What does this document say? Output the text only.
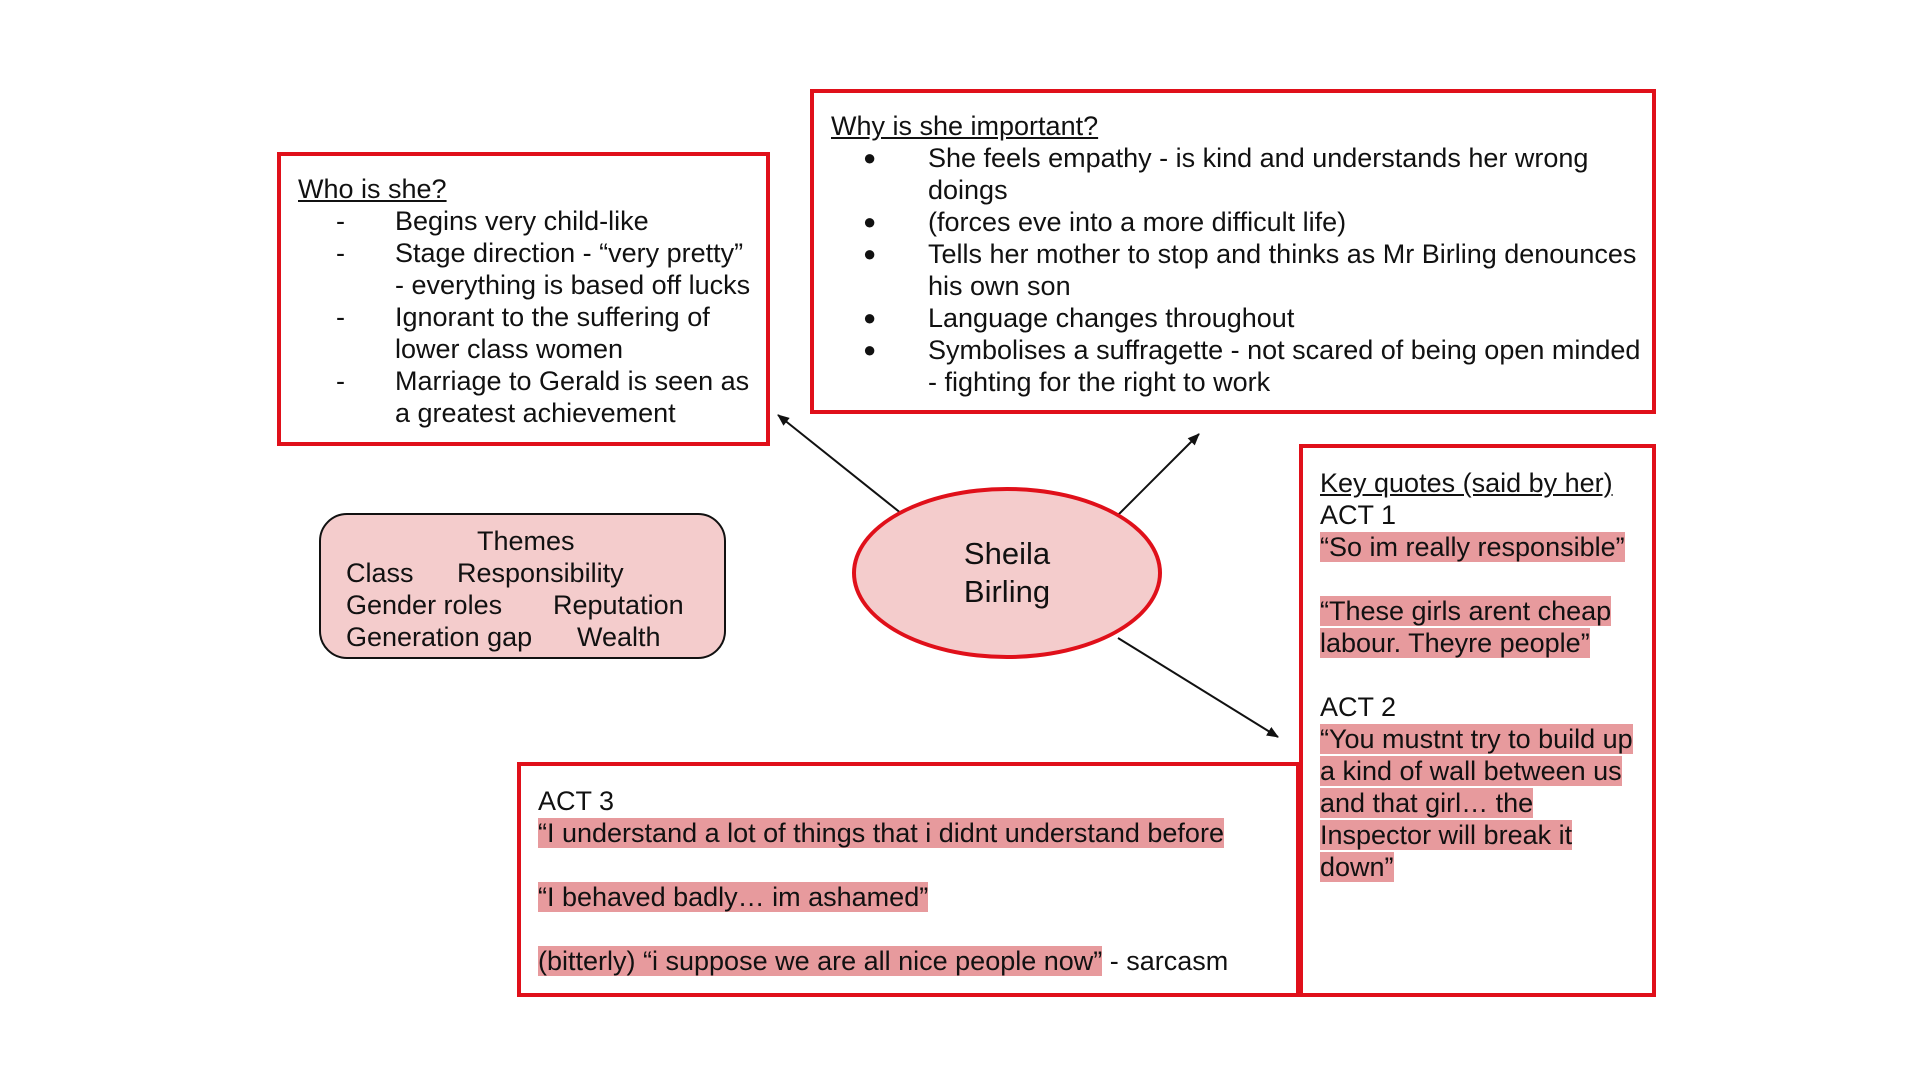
Who is she?
- Begins very child-like
- Stage direction - “very pretty”
- everything is based off lucks
- Ignorant to the suffering of
lower class women
- Marriage to Gerald is seen as
a greatest achievement
Why is she important?
● She feels empathy - is kind and understands her wrong
doings
● (forces eve into a more difficult life)
● Tells her mother to stop and thinks as Mr Birling denounces
his own son
● Language changes throughout
● Symbolises a suffragette - not scared of being open minded
- fighting for the right to work
Themes
Class Responsibility
Gender roles Reputation
Generation gap Wealth
Sheila
Birling
Key quotes (said by her)
ACT 1
“So im really responsible”
“These girls arent cheap
labour. Theyre people”
ACT 2
“You mustnt try to build up
a kind of wall between us
and that girl… the
Inspector will break it
down”
ACT 3
“I understand a lot of things that i didnt understand before
“I behaved badly… im ashamed”
(bitterly) “i suppose we are all nice people now” - sarcasm
